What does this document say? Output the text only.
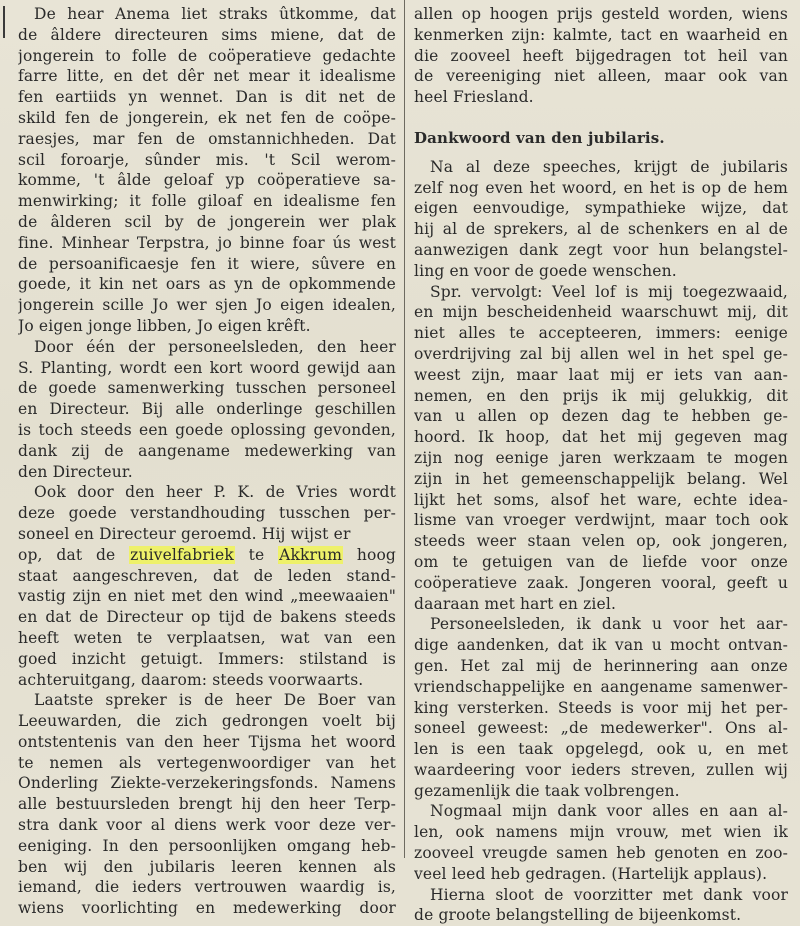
De hear Anema liet straks ûtkomme, dat
de âldere directeuren sims miene, dat de
jongerein to folle de coöperatieve gedachte
farre litte, en det dêr net mear it idealisme
fen eartiids yn wennet. Dan is dit net de
skild fen de jongerein, ek net fen de coöpe-
raesjes, mar fen de omstannichheden. Dat
scil foroarje, sûnder mis. 't Scil werom-
komme, 't âlde geloaf yp coöperatieve sa-
menwirking; it folle giloaf en idealisme fen
de âlderen scil by de jongerein wer plak
fine. Minhear Terpstra, jo binne foar ús west
de persoanificaesje fen it wiere, sûvere en
goede, it kin net oars as yn de opkommende
jongerein scille Jo wer sjen Jo eigen idealen,
Jo eigen jonge libben, Jo eigen krêft.
Door één der personeelsleden, den heer
S. Planting, wordt een kort woord gewijd aan
de goede samenwerking tusschen personeel
en Directeur. Bij alle onderlinge geschillen
is toch steeds een goede oplossing gevonden,
dank zij de aangename medewerking van
den Directeur.
Ook door den heer P. K. de Vries wordt
deze goede verstandhouding tusschen per-
soneel en Directeur geroemd. Hij wijst er
op, dat de zuivelfabriek te Akkrum hoog
staat aangeschreven, dat de leden stand-
vastig zijn en niet met den wind „meewaaien"
en dat de Directeur op tijd de bakens steeds
heeft weten te verplaatsen, wat van een
goed inzicht getuigt. Immers: stilstand is
achteruitgang, daarom: steeds voorwaarts.
Laatste spreker is de heer De Boer van
Leeuwarden, die zich gedrongen voelt bij
ontstentenis van den heer Tijsma het woord
te nemen als vertegenwoordiger van het
Onderling Ziekte-verzekeringsfonds. Namens
alle bestuursleden brengt hij den heer Terp-
stra dank voor al diens werk voor deze ver-
eeniging. In den persoonlijken omgang heb-
ben wij den jubilaris leeren kennen als
iemand, die ieders vertrouwen waardig is,
wiens voorlichting en medewerking door
allen op hoogen prijs gesteld worden, wiens
kenmerken zijn: kalmte, tact en waarheid en
die zooveel heeft bijgedragen tot heil van
de vereeniging niet alleen, maar ook van
heel Friesland.
Dankwoord van den jubilaris.
Na al deze speeches, krijgt de jubilaris
zelf nog even het woord, en het is op de hem
eigen eenvoudige, sympathieke wijze, dat
hij al de sprekers, al de schenkers en al de
aanwezigen dank zegt voor hun belangstel-
ling en voor de goede wenschen.
Spr. vervolgt: Veel lof is mij toegezwaaid,
en mijn bescheidenheid waarschuwt mij, dit
niet alles te accepteeren, immers: eenige
overdrijving zal bij allen wel in het spel ge-
weest zijn, maar laat mij er iets van aan-
nemen, en den prijs ik mij gelukkig, dit
van u allen op dezen dag te hebben ge-
hoord. Ik hoop, dat het mij gegeven mag
zijn nog eenige jaren werkzaam te mogen
zijn in het gemeenschappelijk belang. Wel
lijkt het soms, alsof het ware, echte idea-
lisme van vroeger verdwijnt, maar toch ook
steeds weer staan velen op, ook jongeren,
om te getuigen van de liefde voor onze
coöperatieve zaak. Jongeren vooral, geeft u
daaraan met hart en ziel.
Personeelsleden, ik dank u voor het aar-
dige aandenken, dat ik van u mocht ontvan-
gen. Het zal mij de herinnering aan onze
vriendschappelijke en aangename samenwer-
king versterken. Steeds is voor mij het per-
soneel geweest: „de medewerker". Ons al-
len is een taak opgelegd, ook u, en met
waardeering voor ieders streven, zullen wij
gezamenlijk die taak volbrengen.
Nogmaal mijn dank voor alles en aan al-
len, ook namens mijn vrouw, met wien ik
zooveel vreugde samen heb genoten en zoo-
veel leed heb gedragen. (Hartelijk applaus).
Hierna sloot de voorzitter met dank voor
de groote belangstelling de bijeenkomst.
